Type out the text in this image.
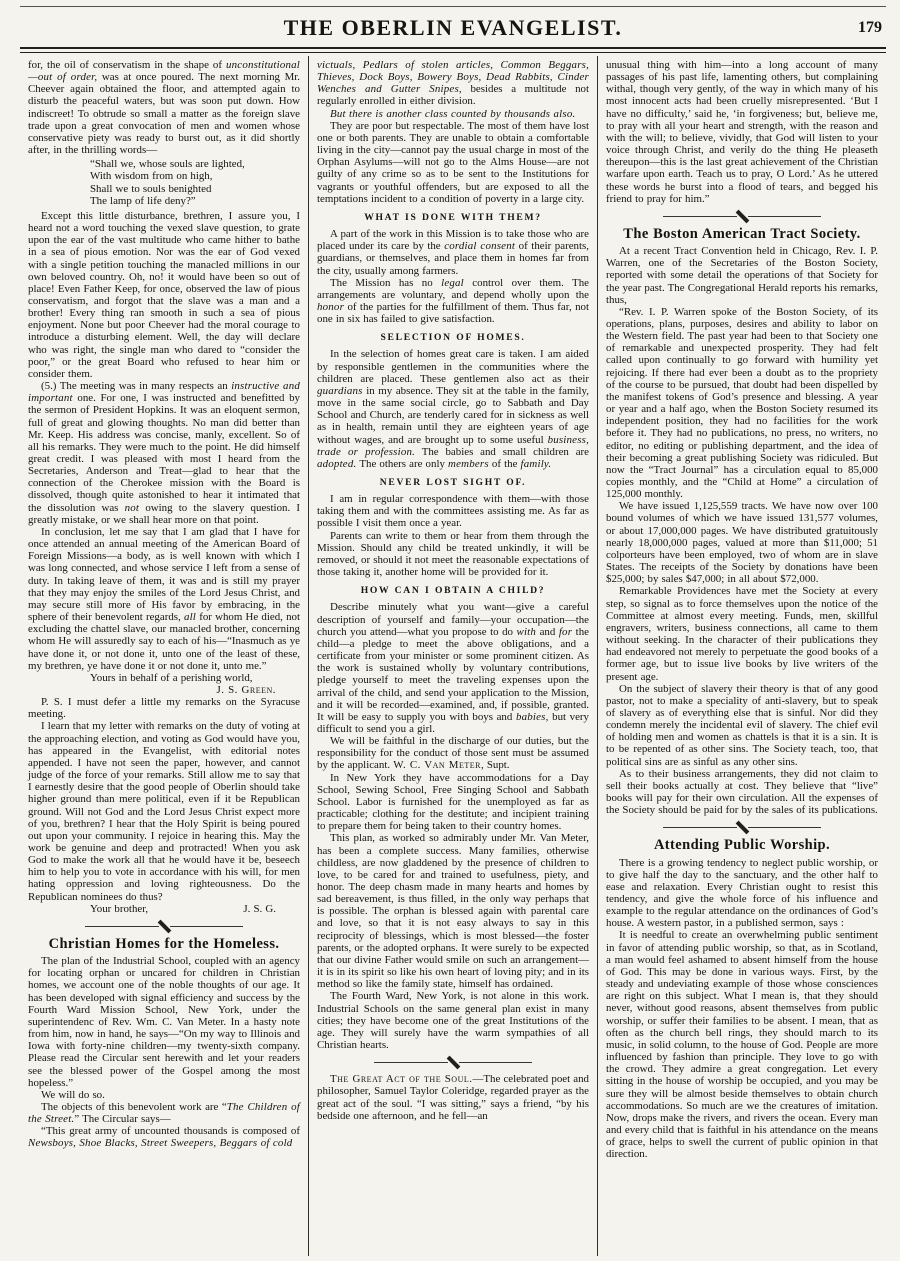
THE OBERLIN EVANGELIST.	179

for, the oil of conservatism in the shape of unconstitutional—out of order, was at once poured. The next morning Mr. Cheever again obtained the floor, and attempted again to disturb the peaceful waters, but was soon put down. How indiscreet! To obtrude so small a matter as the foreign slave trade upon a great convocation of men and women whose conservative piety was ready to burst out, as it did shortly after, in the thrilling words—

“Shall we, whose souls are lighted,
With wisdom from on high,
Shall we to souls benighted
The lamp of life deny?”

Except this little disturbance, brethren, I assure you, I heard not a word touching the vexed slave question, to grate upon the ear of the vast multitude who came hither to bathe in a sea of pious emotion. Nor was the ear of God vexed with a single petition touching the manacled millions in our own beloved country. Oh, no! it would have been so out of place! Even Father Keep, for once, observed the law of pious conservatism, and forgot that the slave was a man and a brother! Every thing ran smooth in such a sea of pious enjoyment. None but poor Cheever had the moral courage to introduce a disturbing element. Well, the day will declare who was right, the single man who dared to “consider the poor,” or the great Board who refused to hear him or consider them.

(5.) The meeting was in many respects an instructive and important one. For one, I was instructed and benefitted by the sermon of President Hopkins. It was an eloquent sermon, full of great and glowing thoughts. No man did better than Mr. Keep. His address was concise, manly, excellent. So of all his remarks. They were much to the point. He did himself great credit. I was pleased with most I heard from the Secretaries, Anderson and Treat—glad to hear that the connection of the Cherokee mission with the Board is dissolved, though quite astonished to hear it intimated that the dissolution was not owing to the slavery question. I greatly mistake, or we shall hear more on that point.

In conclusion, let me say that I am glad that I have for once attended an annual meeting of the American Board of Foreign Missions—a body, as is well known with which I was long connected, and whose service I left from a sense of duty. In taking leave of them, it was and is still my prayer that they may enjoy the smiles of the Lord Jesus Christ, and may secure still more of His favor by embracing, in the sphere of their benevolent regards, all for whom He died, not excluding the chattel slave, our manacled brother, concerning whom He will assuredly say to each of his—“Inasmuch as ye have done it, or not done it, unto one of the least of these, my brethren, ye have done it or not done it, unto me.”

Yours in behalf of a perishing world,
J. S. Green.

P. S. I must defer a little my remarks on the Syracuse meeting.

I learn that my letter with remarks on the duty of voting at the approaching election, and voting as God would have you, has appeared in the Evangelist, with editorial notes appended. I have not seen the paper, however, and cannot judge of the force of your remarks. Still allow me to say that I earnestly desire that the good people of Oberlin should take higher ground than mere political, even if it be Republican ground. Will not God and the Lord Jesus Christ expect more of you, brethren? I hear that the Holy Spirit is being poured out upon your community. I rejoice in hearing this. May the work be genuine and deep and protracted! When you ask God to make the work all that he would have it be, beseech him to help you to vote in accordance with his will, for men hating oppression and loving righteousness. Do the Republican nominees do thus?

Your brother,	J. S. G.
Christian Homes for the Homeless.

The plan of the Industrial School, coupled with an agency for locating orphan or uncared for children in Christian homes, we account one of the noble thoughts of our age. It has been developed with signal efficiency and success by the Fourth Ward Mission School, New York, under the superintendenc of Rev. Wm. C. Van Meter. In a hasty note from him, now in hand, he says—“On my way to Illinois and Iowa with forty-nine children—my twenty-sixth company. Please read the Circular sent herewith and let your readers see the blessed power of the Gospel among the most hopeless.”

We will do so.

The objects of this benevolent work are “The Children of the Street.” The Circular says—

“This great army of uncounted thousands is composed of Newsboys, Shoe Blacks, Street Sweepers, Beggars of cold

victuals, Pedlars of stolen articles, Common Beggars, Thieves, Dock Boys, Bowery Boys, Dead Rabbits, Cinder Wenches and Gutter Snipes, besides a multitude not regularly enrolled in either division.

But there is another class counted by thousands also.

They are poor but respectable. The most of them have lost one or both parents. They are unable to obtain a comfortable living in the city—cannot pay the usual charge in most of the Orphan Asylums—will not go to the Alms House—are not guilty of any crime so as to be sent to the Institutions for vagrants or youthful offenders, but are exposed to all the temptations incident to a condition of poverty in a large city.

WHAT IS DONE WITH THEM?

A part of the work in this Mission is to take those who are placed under its care by the cordial consent of their parents, guardians, or themselves, and place them in homes far from the city, usually among farmers.

The Mission has no legal control over them. The arrangements are voluntary, and depend wholly upon the honor of the parties for the fulfillment of them. Thus far, not one in six has failed to give satisfaction.

SELECTION OF HOMES.

In the selection of homes great care is taken. I am aided by responsible gentlemen in the communities where the children are placed. These gentlemen also act as their guardians in my absence. They sit at the table in the family, move in the same social circle, go to Sabbath and Day School and Church, are tenderly cared for in sickness as well as in health, remain until they are eighteen years of age without wages, and are brought up to some useful business, trade or profession. The babies and small children are adopted. The others are only members of the family.

NEVER LOST SIGHT OF.

I am in regular correspondence with them—with those taking them and with the committees assisting me. As far as possible I visit them once a year.

Parents can write to them or hear from them through the Mission. Should any child be treated unkindly, it will be removed, or should it not meet the reasonable expectations of those taking it, another home will be provided for it.

HOW CAN I OBTAIN A CHILD?

Describe minutely what you want—give a careful description of yourself and family—your occupation—the church you attend—what you propose to do with and for the child—a pledge to meet the above obligations, and a certificate from your minister or some prominent citizen. As the work is sustained wholly by voluntary contributions, pledge yourself to meet the traveling expenses upon the arrival of the child, and send your application to the Mission, and it will be recorded—examined, and, if possible, granted. It will be easy to supply you with boys and babies, but very difficult to send you a girl.

We will be faithful in the discharge of our duties, but the responsibility for the conduct of those sent must be assumed by the applicant. W. C. Van Meter, Supt.

In New York they have accommodations for a Day School, Sewing School, Free Singing School and Sabbath School. Labor is furnished for the unemployed as far as practicable; clothing for the destitute; and incipient training to prepare them for being taken to their country homes.

This plan, as worked so admirably under Mr. Van Meter, has been a complete success. Many families, otherwise childless, are now gladdened by the presence of children to love, to be cared for and trained to usefulness, piety, and honor. The deep chasm made in many hearts and homes by sad bereavement, is thus filled, in the only way perhaps that is possible. The orphan is blessed again with parental care and love, so that it is not easy always to say in this reciprocity of blessings, which is most blessed—the foster parents, or the adopted orphans. It were surely to be expected that our divine Father would smile on such an arrangement—it is in its spirit so like his own heart of loving pity; and in its method so like the family state, himself has ordained.

The Fourth Ward, New York, is not alone in this work. Industrial Schools on the same general plan exist in many cities; they have become one of the great Institutions of the age. They will surely have the warm sympathies of all Christian hearts.

The Great Act of the Soul.—The celebrated poet and philosopher, Samuel Taylor Coleridge, regarded prayer as the great act of the soul. “I was sitting,” says a friend, “by his bedside one afternoon, and he fell—an

unusual thing with him—into a long account of many passages of his past life, lamenting others, but complaining withal, though very gently, of the way in which many of his most innocent acts had been cruelly misrepresented. ‘But I have no difficulty,’ said he, ‘in forgiveness; but, believe me, to pray with all your heart and strength, with the reason and with the will; to believe, vividly, that God will listen to your voice through Christ, and verily do the thing He pleaseth thereupon—this is the last great achievement of the Christian warfare upon earth. Teach us to pray, O Lord.’ As he uttered these words he burst into a flood of tears, and begged his friend to pray for him.”

The Boston American Tract Society.

At a recent Tract Convention held in Chicago, Rev. I. P. Warren, one of the Secretaries of the Boston Society, reported with some detail the operations of that Society for the year past. The Congregational Herald reports his remarks, thus,

“Rev. I. P. Warren spoke of the Boston Society, of its operations, plans, purposes, desires and ability to labor on the Western field. The past year had been to that Society one of remarkable and unexpected prosperity. They had felt called upon continually to go forward with humility yet rejoicing. If there had ever been a doubt as to the propriety of the course to be pursued, that doubt had been dispelled by the manifest tokens of God’s presence and blessing. A year or year and a half ago, when the Boston Society resumed its independent position, they had no facilities for the work before it. They had no publications, no press, no writers, no editor, no editing or publishing department, and the idea of their becoming a great publishing Society was ridiculed. But now the “Tract Journal” has a circulation equal to 85,000 copies monthly, and the “Child at Home” a circulation of 125,000 monthly.

We have issued 1,125,559 tracts. We have now over 100 bound volumes of which we have issued 131,577 volumes, or about 17,000,000 pages. We have distributed gratuitously nearly 18,000,000 pages, valued at more than $11,000; 51 colporteurs have been employed, two of whom are in slave States. The receipts of the Society by donations have been $25,000; by sales $47,000; in all about $72,000.

Remarkable Providences have met the Society at every step, so signal as to force themselves upon the notice of the Committee at almost every meeting. Funds, men, skillful engravers, writers, business connections, all came to them without seeking. In the character of their publications they had endeavored not merely to perpetuate the good books of a former age, but to issue live books by live writers of the present age.

On the subject of slavery their theory is that of any good pastor, not to make a speciality of anti-slavery, but to speak of slavery as of everything else that is sinful. Nor did they condemn merely the incidental evil of slavery. The chief evil of holding men and women as chattels is that it is a sin. It is to be repented of as other sins. The Society teach, too, that political sins are as sinful as any other sins.

As to their business arrangements, they did not claim to sell their books actually at cost. They believe that “live” books will pay for their own circulation. All the expenses of the Society should be paid for by the sales of its publications.

Attending Public Worship.

There is a growing tendency to neglect public worship, or to give half the day to the sanctuary, and the other half to ease and relaxation. Every Christian ought to resist this tendency, and give the whole force of his influence and example to the regular attendance on the ordinances of God’s house. A western pastor, in a published sermon, says :

It is needful to create an overwhelming public sentiment in favor of attending public worship, so that, as in Scotland, a man would feel ashamed to absent himself from the house of God. This may be done in various ways. First, by the steady and undeviating example of those whose consciences are right on this subject. What I mean is, that they should never, without good reasons, absent themselves from public worship, or suffer their families to be absent. I mean, that as often as the church bell rings, they should march to its music, in solid column, to the house of God. People are more influenced by fashion than principle. They love to go with the crowd. They admire a great congregation. Let every sitting in the house of worship be occupied, and you may be sure they will be almost beside themselves to obtain church accommodations. So much are we the creatures of imitation. Now, drops make the rivers, and rivers the ocean. Every man and every child that is faithful in his attendance on the means of grace, helps to swell the current of public opinion in that direction.
